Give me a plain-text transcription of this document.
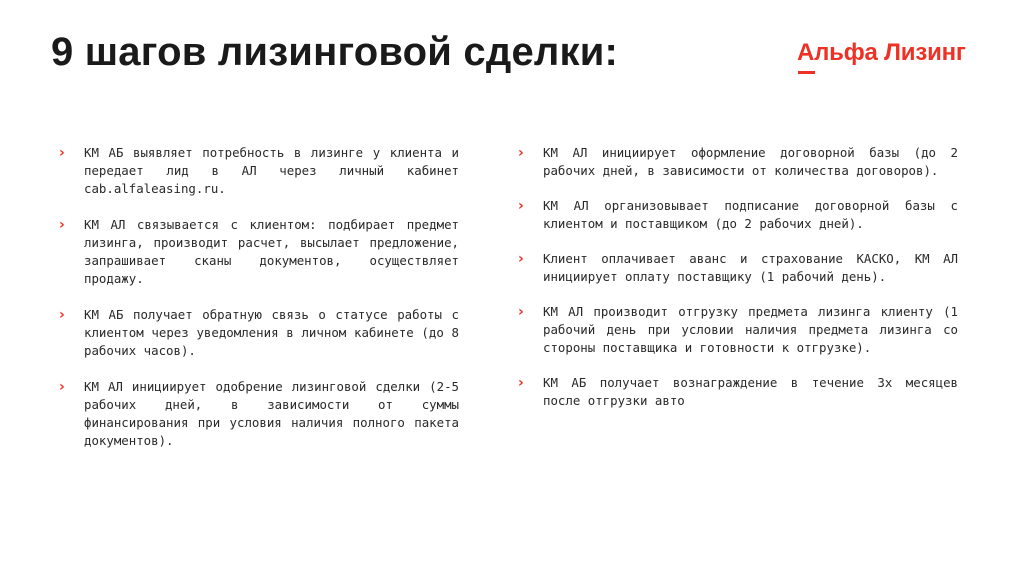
9 шагов лизинговой сделки:	Альфа Лизинг
›	КМ АБ выявляет потребность в лизинге у клиента и передает лид в АЛ через личный кабинет cab.alfaleasing.ru.
›	КМ АЛ связывается с клиентом: подбирает предмет лизинга, производит расчет, высылает предложение, запрашивает сканы документов, осуществляет продажу.
›	КМ АБ получает обратную связь о статусе работы с клиентом через уведомления в личном кабинете (до 8 рабочих часов).
›	КМ АЛ инициирует одобрение лизинговой сделки (2-5 рабочих дней, в зависимости от суммы финансирования при условия наличия полного пакета документов).
›	КМ АЛ инициирует оформление договорной базы (до 2 рабочих дней, в зависимости от количества договоров).
›	КМ АЛ организовывает подписание договорной базы с клиентом и поставщиком (до 2 рабочих дней).
›	Клиент оплачивает аванс и страхование КАСКО, КМ АЛ инициирует оплату поставщику (1 рабочий день).
›	КМ АЛ производит отгрузку предмета лизинга клиенту (1 рабочий день при условии наличия предмета лизинга со стороны поставщика и готовности к отгрузке).
›	КМ АБ получает вознаграждение в течение 3х месяцев после отгрузки авто
